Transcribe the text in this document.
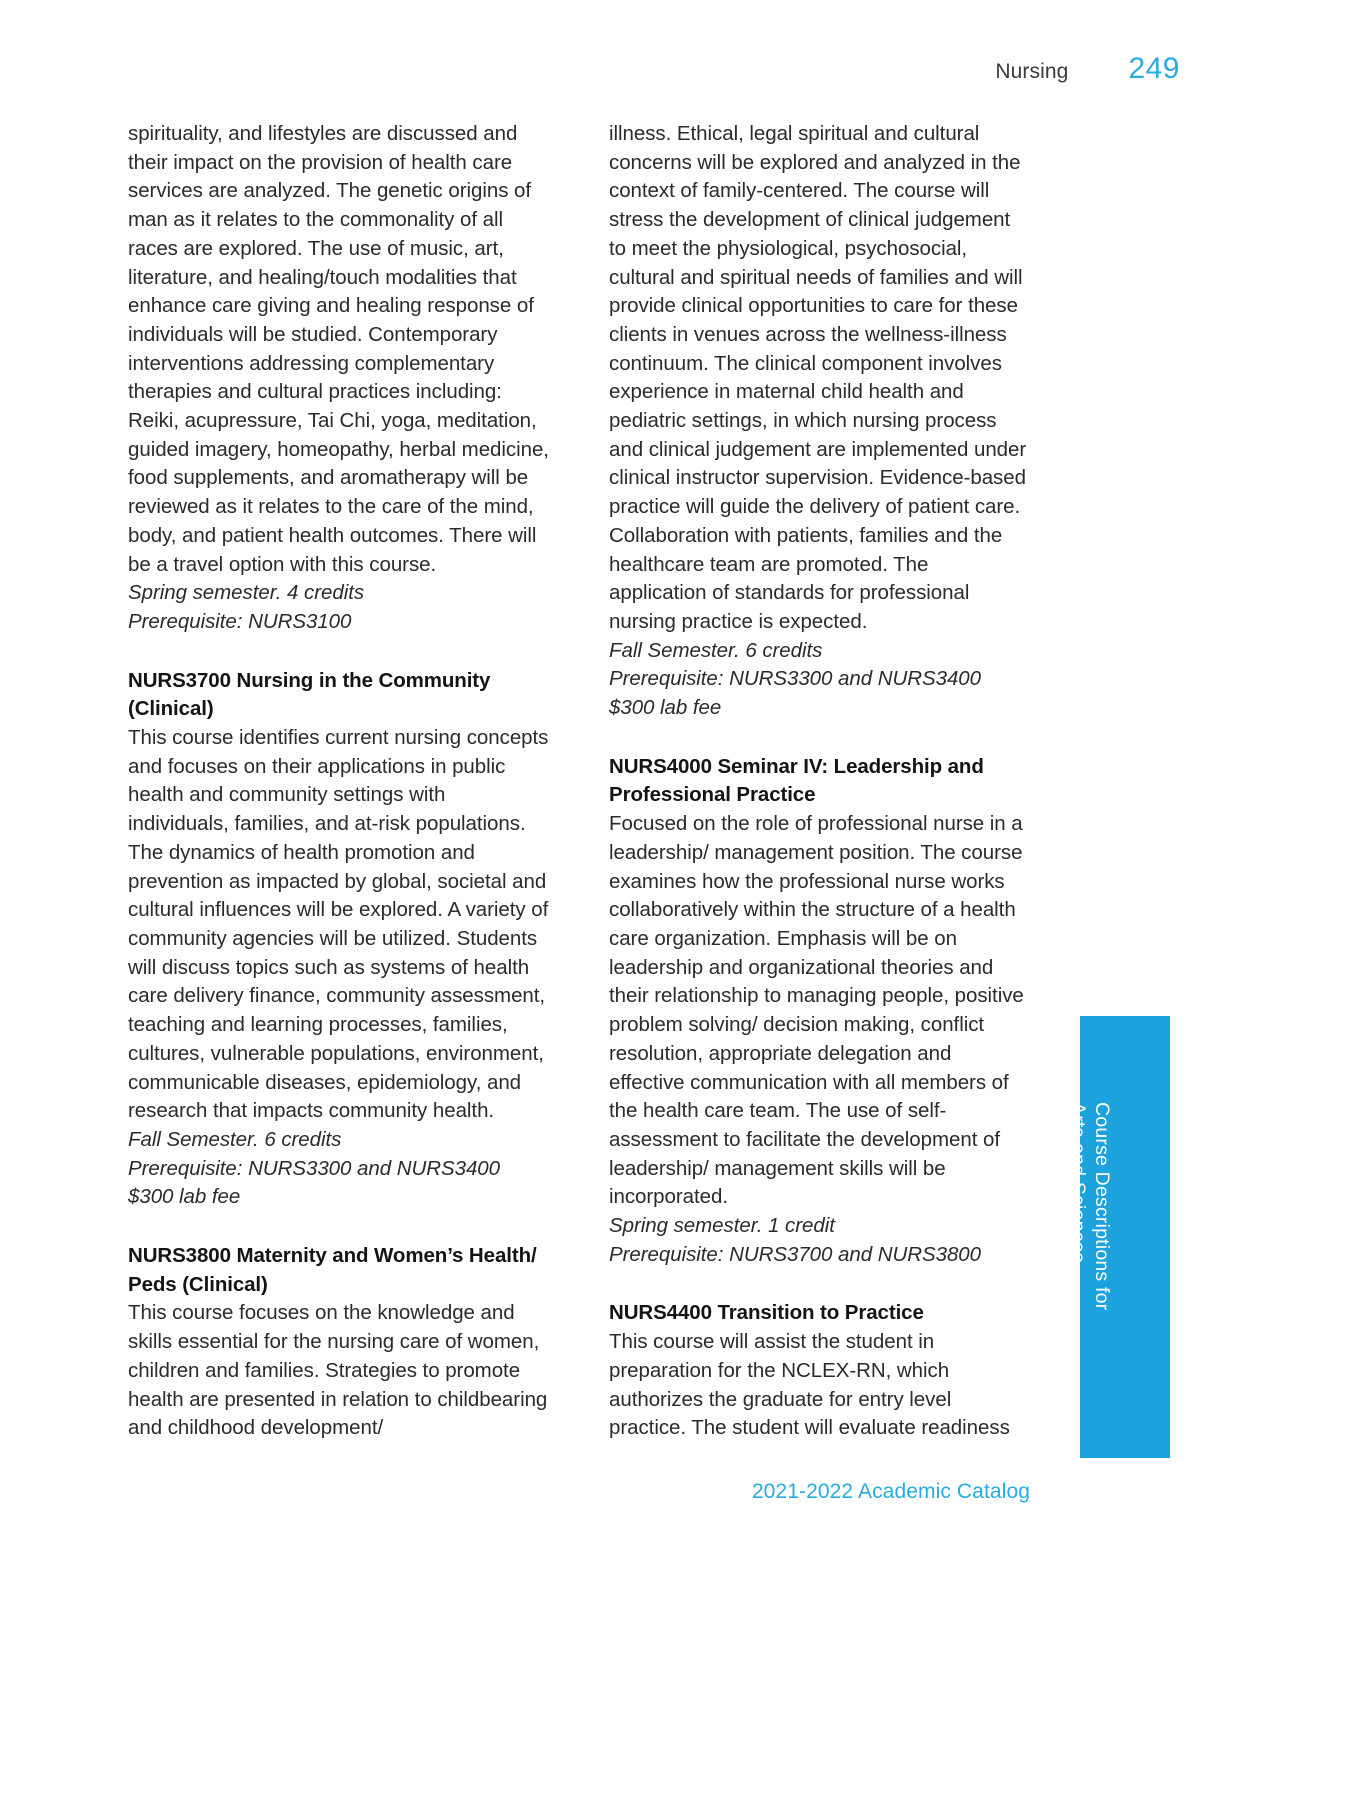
Nursing 249

spirituality, and lifestyles are discussed and their impact on the provision of health care services are analyzed. The genetic origins of man as it relates to the commonality of all races are explored. The use of music, art, literature, and healing/touch modalities that enhance care giving and healing response of individuals will be studied. Contemporary interventions addressing complementary therapies and cultural practices including: Reiki, acupressure, Tai Chi, yoga, meditation, guided imagery, homeopathy, herbal medicine, food supplements, and aromatherapy will be reviewed as it relates to the care of the mind, body, and patient health outcomes. There will be a travel option with this course.

Spring semester. 4 credits

Prerequisite: NURS3100

NURS3700 Nursing in the Community (Clinical)

This course identifies current nursing concepts and focuses on their applications in public health and community settings with individuals, families, and at-risk populations. The dynamics of health promotion and prevention as impacted by global, societal and cultural influences will be explored. A variety of community agencies will be utilized. Students will discuss topics such as systems of health care delivery finance, community assessment, teaching and learning processes, families, cultures, vulnerable populations, environment, communicable diseases, epidemiology, and research that impacts community health.

Fall Semester. 6 credits

Prerequisite: NURS3300 and NURS3400

$300 lab fee

NURS3800 Maternity and Women’s Health/ Peds (Clinical)

This course focuses on the knowledge and skills essential for the nursing care of women, children and families. Strategies to promote health are presented in relation to childbearing and childhood development/

illness. Ethical, legal spiritual and cultural concerns will be explored and analyzed in the context of family-centered. The course will stress the development of clinical judgement to meet the physiological, psychosocial, cultural and spiritual needs of families and will provide clinical opportunities to care for these clients in venues across the wellness-illness continuum. The clinical component involves experience in maternal child health and pediatric settings, in which nursing process and clinical judgement are implemented under clinical instructor supervision. Evidence-based practice will guide the delivery of patient care. Collaboration with patients, families and the healthcare team are promoted. The application of standards for professional nursing practice is expected.

Fall Semester. 6 credits

Prerequisite: NURS3300 and NURS3400

$300 lab fee

NURS4000 Seminar IV: Leadership and Professional Practice

Focused on the role of professional nurse in a leadership/ management position. The course examines how the professional nurse works collaboratively within the structure of a health care organization. Emphasis will be on leadership and organizational theories and their relationship to managing people, positive problem solving/ decision making, conflict resolution, appropriate delegation and effective communication with all members of the health care team. The use of self-assessment to facilitate the development of leadership/ management skills will be incorporated.

Spring semester. 1 credit

Prerequisite: NURS3700 and NURS3800

NURS4400 Transition to Practice

This course will assist the student in preparation for the NCLEX-RN, which authorizes the graduate for entry level practice. The student will evaluate readiness

Course Descriptions for
Arts and Sciences
2021-2022 Academic Catalog
